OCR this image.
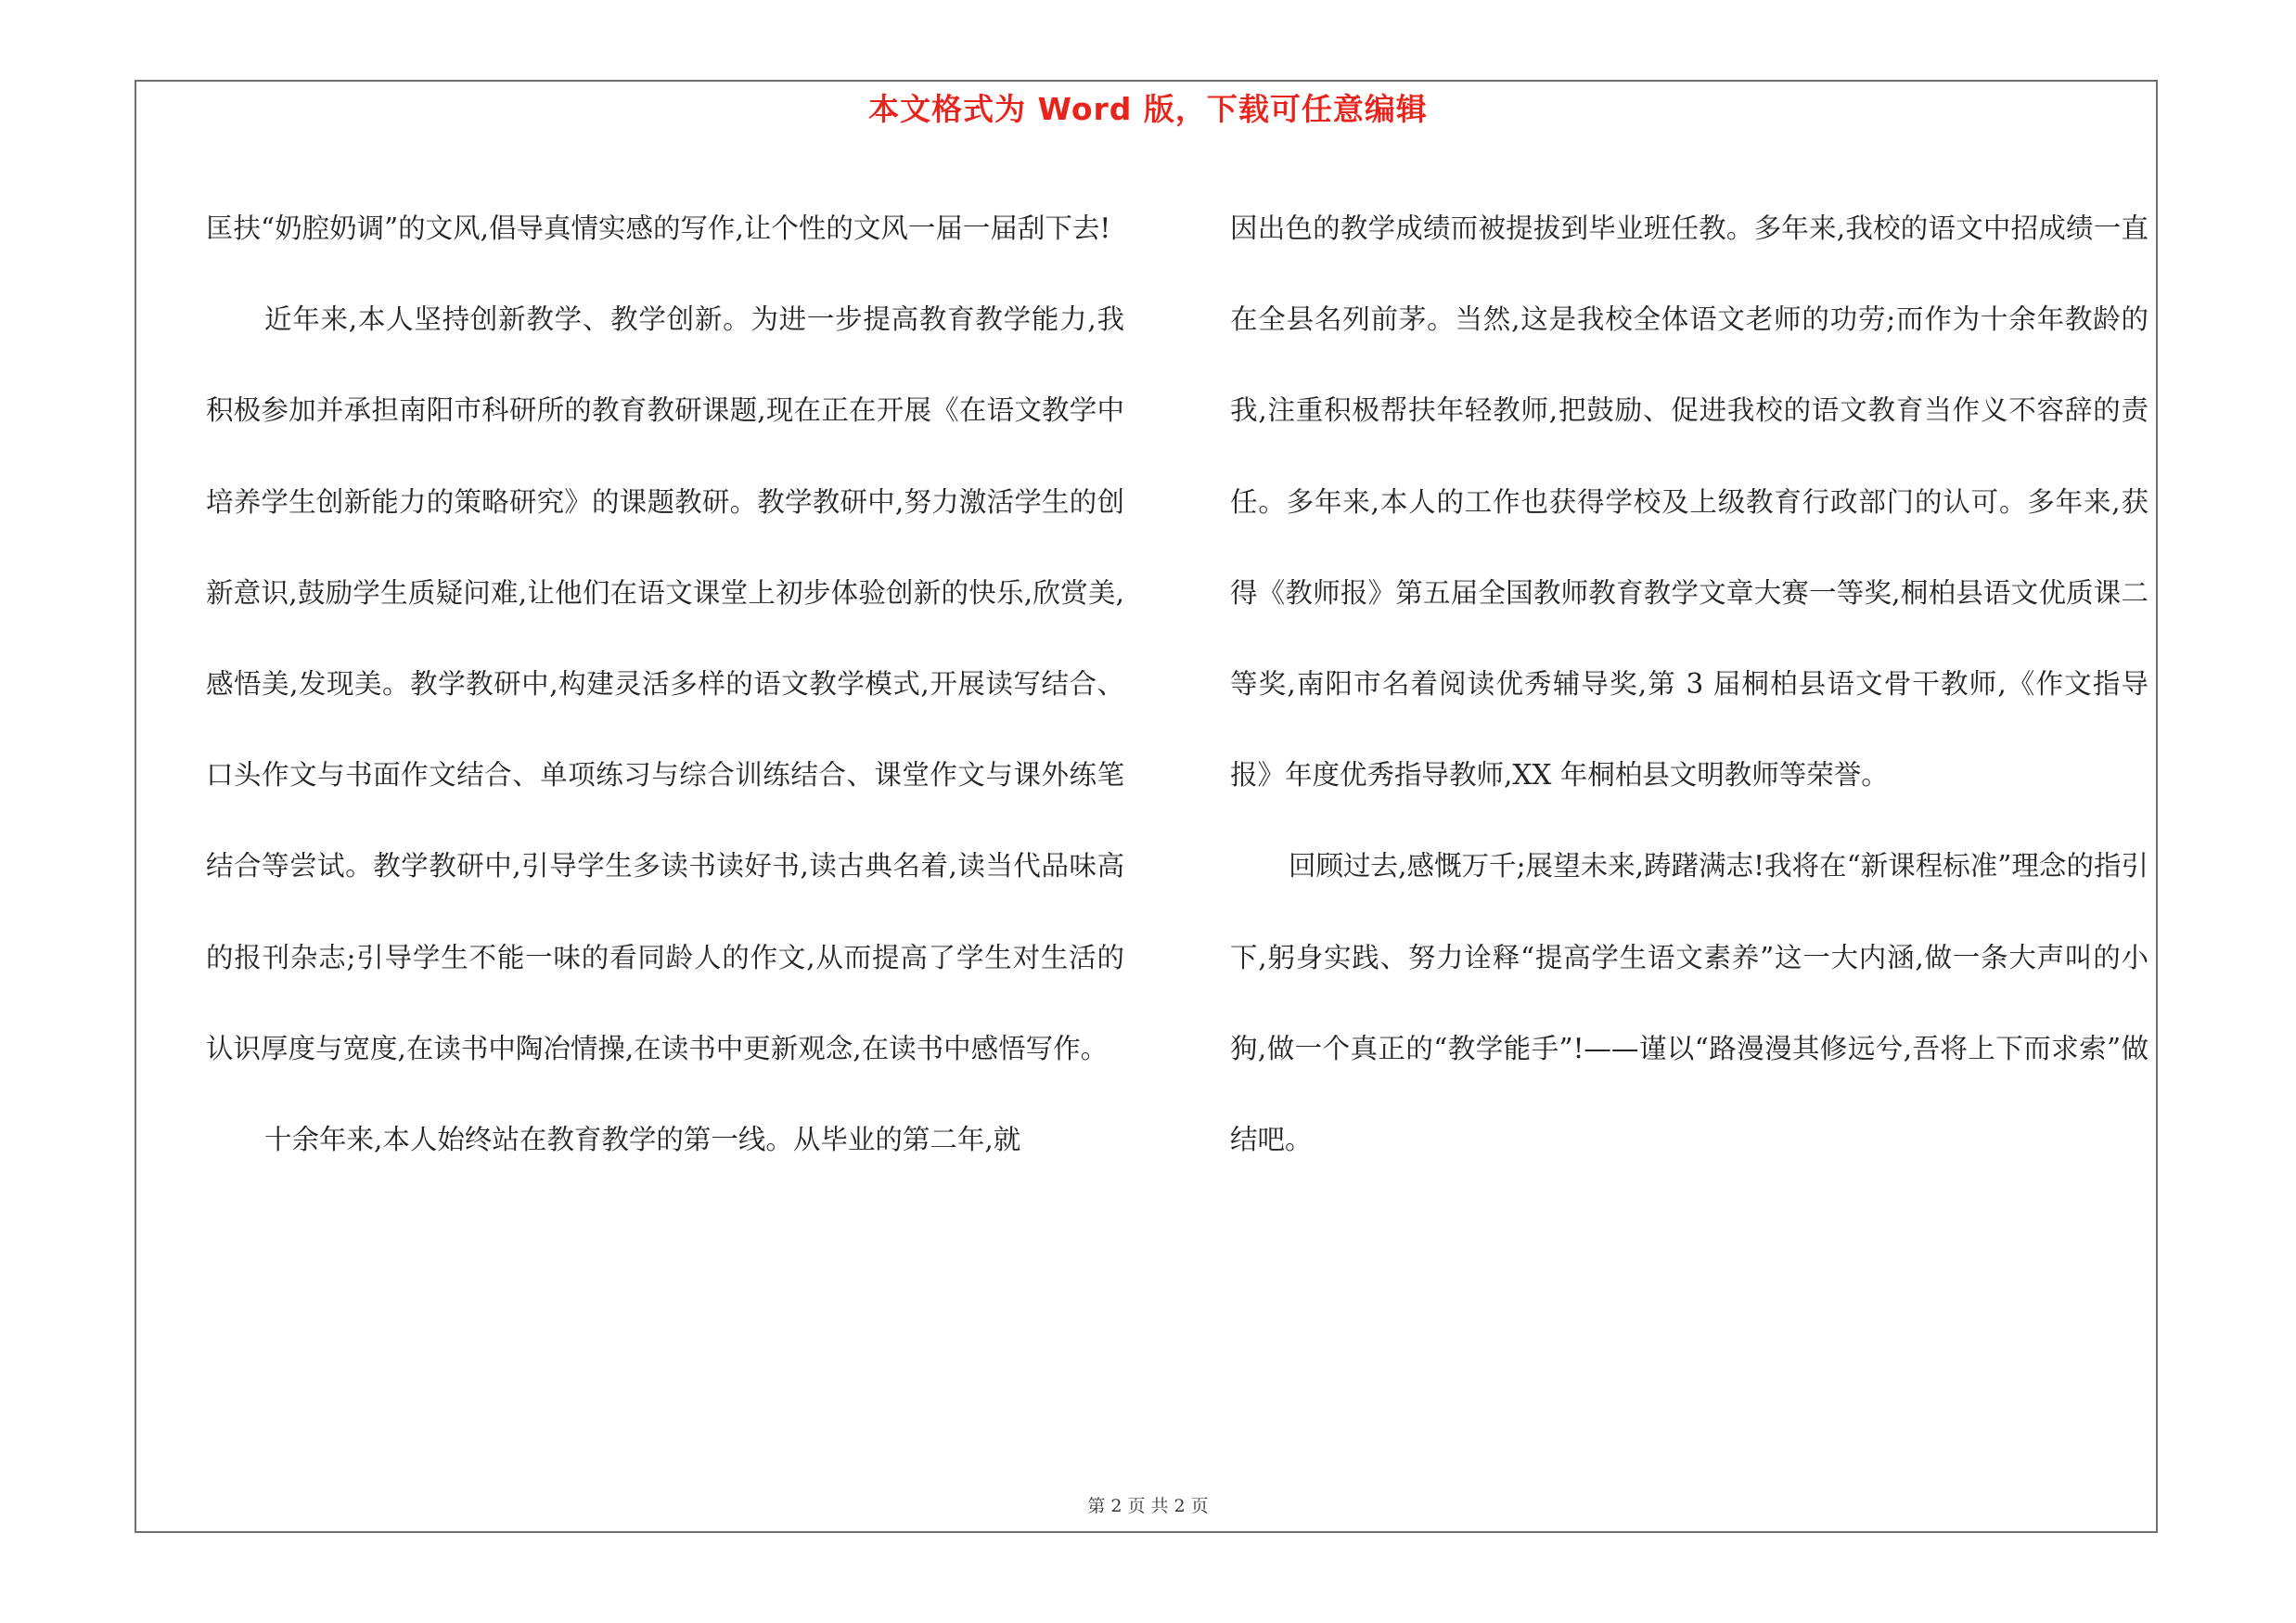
本文格式为 Word 版，下载可任意编辑

匡扶“奶腔奶调”的文风,倡导真情实感的写作,让个性的文风一届一届刮下去!

近年来,本人坚持创新教学、教学创新。为进一步提高教育教学能力,我积极参加并承担南阳市科研所的教育教研课题,现在正在开展《在语文教学中培养学生创新能力的策略研究》的课题教研。教学教研中,努力激活学生的创新意识,鼓励学生质疑问难,让他们在语文课堂上初步体验创新的快乐,欣赏美,感悟美,发现美。教学教研中,构建灵活多样的语文教学模式,开展读写结合、口头作文与书面作文结合、单项练习与综合训练结合、课堂作文与课外练笔结合等尝试。教学教研中,引导学生多读书读好书,读古典名着,读当代品味高的报刊杂志;引导学生不能一味的看同龄人的作文,从而提高了学生对生活的认识厚度与宽度,在读书中陶冶情操,在读书中更新观念,在读书中感悟写作。

十余年来,本人始终站在教育教学的第一线。从毕业的第二年,就

因出色的教学成绩而被提拔到毕业班任教。多年来,我校的语文中招成绩一直在全县名列前茅。当然,这是我校全体语文老师的功劳;而作为十余年教龄的我,注重积极帮扶年轻教师,把鼓励、促进我校的语文教育当作义不容辞的责任。多年来,本人的工作也获得学校及上级教育行政部门的认可。多年来,获得《教师报》第五届全国教师教育教学文章大赛一等奖,桐柏县语文优质课二等奖,南阳市名着阅读优秀辅导奖,第 3 届桐柏县语文骨干教师,《作文指导报》年度优秀指导教师,XX 年桐柏县文明教师等荣誉。

回顾过去,感慨万千;展望未来,踌躇满志!我将在“新课程标准”理念的指引下,躬身实践、努力诠释“提高学生语文素养”这一大内涵,做一条大声叫的小狗,做一个真正的“教学能手”!——谨以“路漫漫其修远兮,吾将上下而求索”做结吧。

第 2 页 共 2 页
